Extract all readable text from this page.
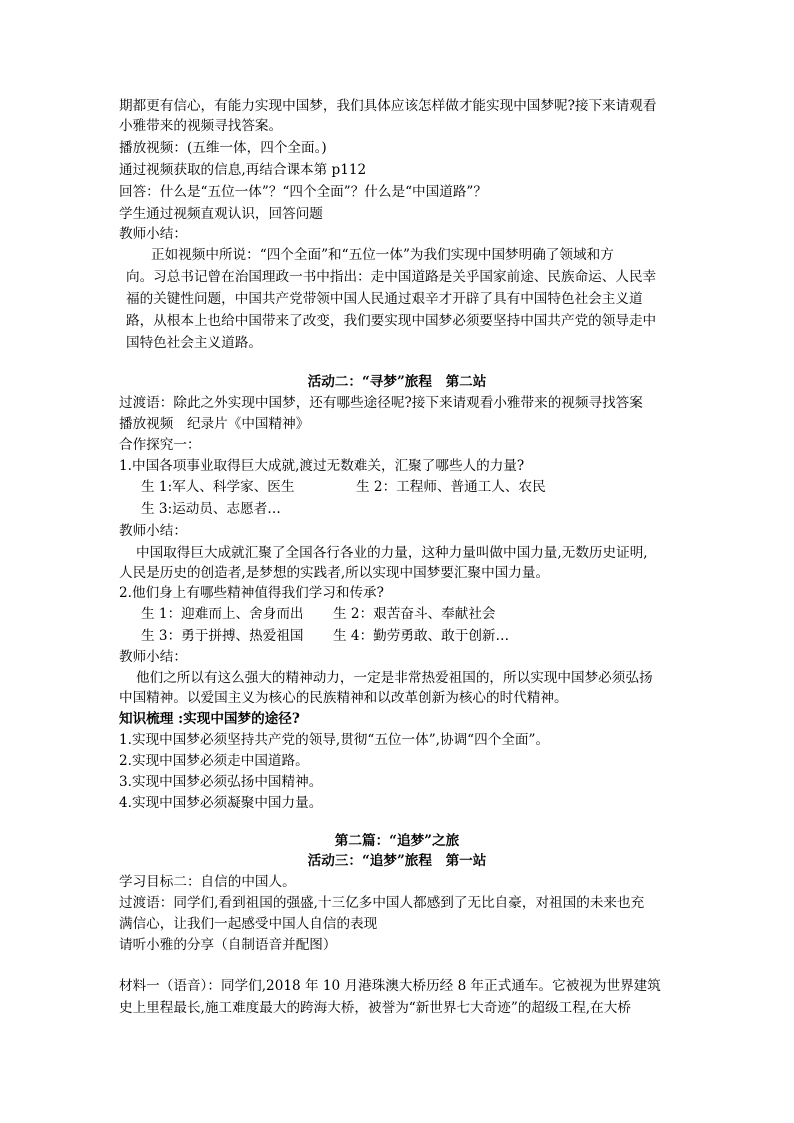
期都更有信心，有能力实现中国梦，我们具体应该怎样做才能实现中国梦呢?接下来请观看
小雅带来的视频寻找答案。
播放视频：(五维一体，四个全面。)
通过视频获取的信息,再结合课本第 p112
回答：什么是“五位一体”？“四个全面”？什么是“中国道路”？
学生通过视频直观认识，回答问题
教师小结：
正如视频中所说：“四个全面”和“五位一体”为我们实现中国梦明确了领域和方
向。习总书记曾在治国理政一书中指出：走中国道路是关乎国家前途、民族命运、人民幸
福的关键性问题，中国共产党带领中国人民通过艰辛才开辟了具有中国特色社会主义道
路，从根本上也给中国带来了改变，我们要实现中国梦必须要坚持中国共产党的领导走中
国特色社会主义道路。
活动二：“寻梦”旅程　第二站
过渡语：除此之外实现中国梦，还有哪些途径呢?接下来请观看小雅带来的视频寻找答案
播放视频　纪录片《中国精神》
合作探究一：
1.中国各项事业取得巨大成就,渡过无数难关，汇聚了哪些人的力量?
生 1:军人、科学家、医生	生 2：工程师、普通工人、农民
生 3:运动员、志愿者…
教师小结：
中国取得巨大成就汇聚了全国各行各业的力量，这种力量叫做中国力量,无数历史证明,
人民是历史的创造者,是梦想的实践者,所以实现中国梦要汇聚中国力量。
2.他们身上有哪些精神值得我们学习和传承?
生 1：迎难而上、舍身而出 生 2：艰苦奋斗、奉献社会
生 3：勇于拼搏、热爱祖国 生 4：勤劳勇敢、敢于创新…
教师小结：
他们之所以有这么强大的精神动力，一定是非常热爱祖国的，所以实现中国梦必须弘扬
中国精神。以爱国主义为核心的民族精神和以改革创新为核心的时代精神。
知识梳理 :实现中国梦的途径?
1.实现中国梦必须坚持共产党的领导,贯彻“五位一体”,协调“四个全面”。
2.实现中国梦必须走中国道路。
3.实现中国梦必须弘扬中国精神。
4.实现中国梦必须凝聚中国力量。
第二篇：“追梦”之旅
活动三：“追梦”旅程　第一站
学习目标二：自信的中国人。
过渡语：同学们,看到祖国的强盛,十三亿多中国人都感到了无比自豪，对祖国的未来也充
满信心，让我们一起感受中国人自信的表现
请听小雅的分享（自制语音并配图）
材料一（语音）：同学们,2018 年 10 月港珠澳大桥历经 8 年正式通车。它被视为世界建筑
史上里程最长,施工难度最大的跨海大桥，被誉为“新世界七大奇迹”的超级工程,在大桥
